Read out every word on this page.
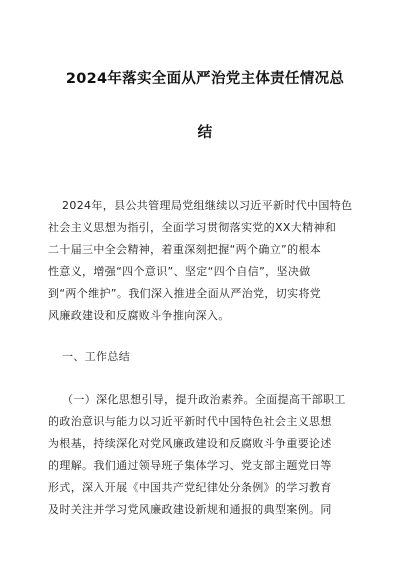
2024年落实全面从严治党主体责任情况总
结
2024年，县公共管理局党组继续以习近平新时代中国特色
社会主义思想为指引，全面学习贯彻落实党的XX大精神和
二十届三中全会精神，着重深刻把握“两个确立”的根本
性意义，增强“四个意识”、坚定“四个自信”，坚决做
到“两个维护”。我们深入推进全面从严治党，切实将党
风廉政建设和反腐败斗争推向深入。
一、工作总结
（一）深化思想引导，提升政治素养。全面提高干部职工
的政治意识与能力以习近平新时代中国特色社会主义思想
为根基，持续深化对党风廉政建设和反腐败斗争重要论述
的理解。我们通过领导班子集体学习、党支部主题党日等
形式，深入开展《中国共产党纪律处分条例》的学习教育
及时关注并学习党风廉政建设新规和通报的典型案例。同
